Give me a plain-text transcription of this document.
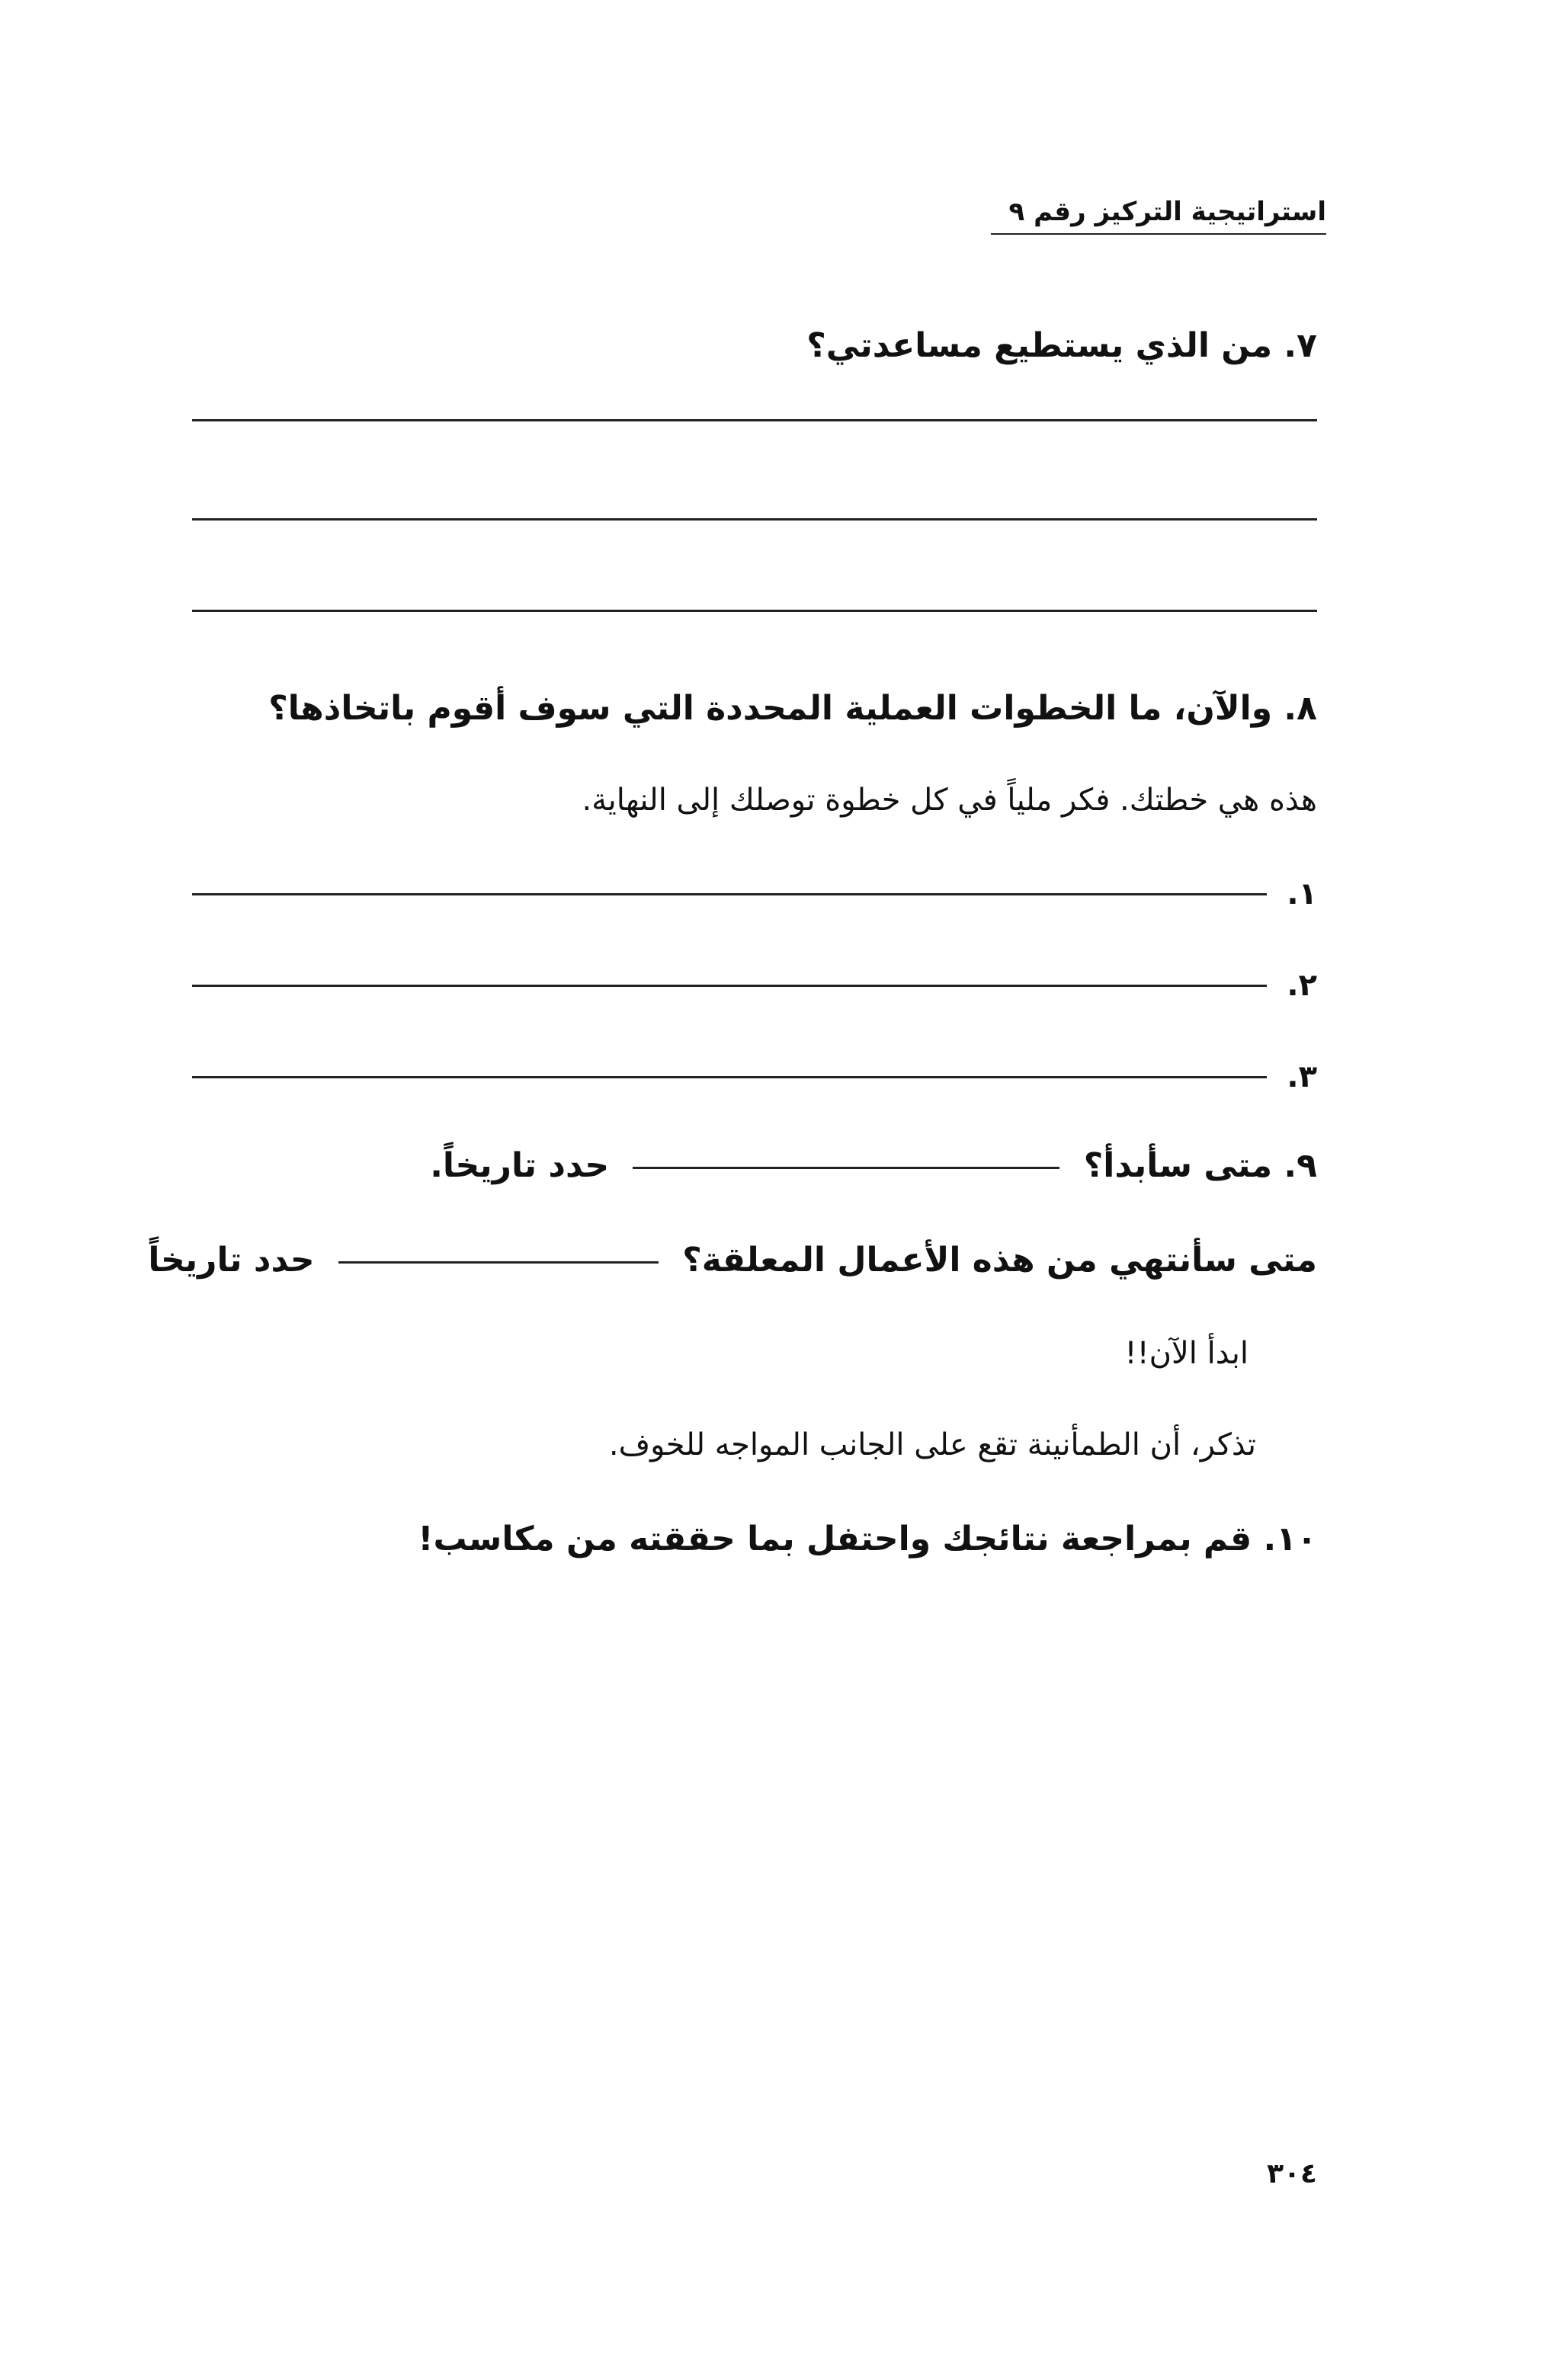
استراتيجية التركيز رقم ٩
٧. من الذي يستطيع مساعدتي؟
٨. والآن، ما الخطوات العملية المحددة التي سوف أقوم باتخاذها؟
هذه هي خطتك. فكر ملياً في كل خطوة توصلك إلى النهاية.
١.
٢.
٣.
٩. متى سأبدأ؟  حدد تاريخاً.
متى سأنتهي من هذه الأعمال المعلقة؟  حدد تاريخاً
ابدأ الآن!!
تذكر، أن الطمأنينة تقع على الجانب المواجه للخوف.
١٠. قم بمراجعة نتائجك واحتفل بما حققته من مكاسب!
٣٠٤
